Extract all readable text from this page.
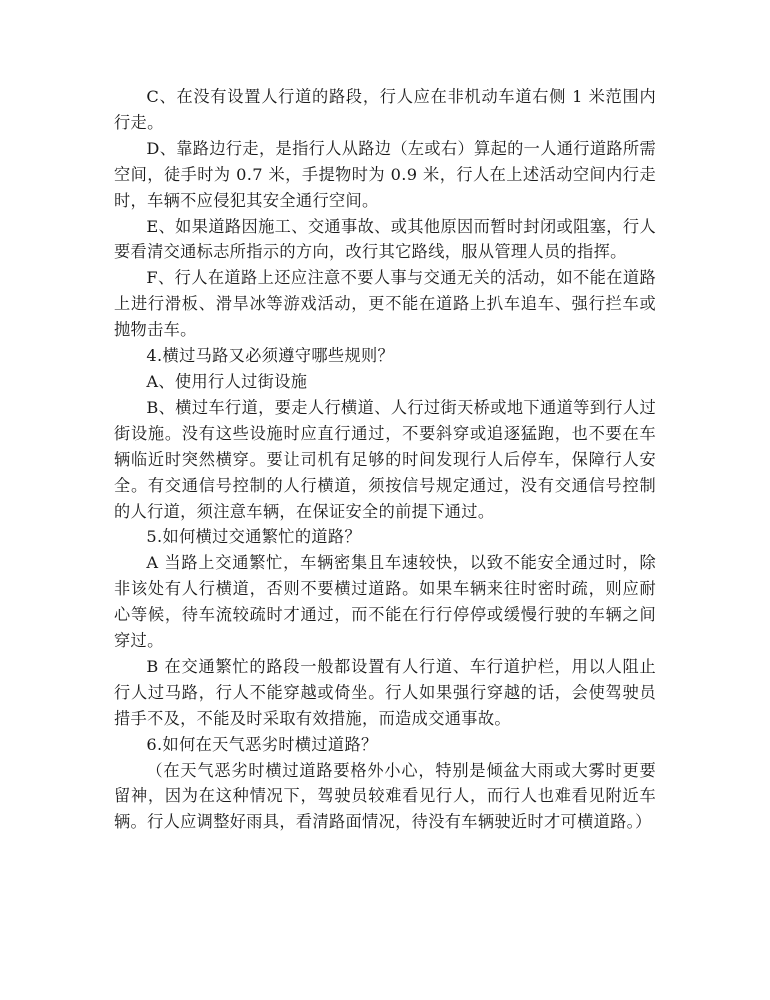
C、在没有设置人行道的路段，行人应在非机动车道右侧 1 米范围内行走。

D、靠路边行走，是指行人从路边（左或右）算起的一人通行道路所需空间，徒手时为 0.7 米，手提物时为 0.9 米，行人在上述活动空间内行走时，车辆不应侵犯其安全通行空间。

E、如果道路因施工、交通事故、或其他原因而暂时封闭或阻塞，行人要看清交通标志所指示的方向，改行其它路线，服从管理人员的指挥。

F、行人在道路上还应注意不要人事与交通无关的活动，如不能在道路上进行滑板、滑旱冰等游戏活动，更不能在道路上扒车追车、强行拦车或抛物击车。

4.横过马路又必须遵守哪些规则？

A、使用行人过街设施

B、横过车行道，要走人行横道、人行过街天桥或地下通道等到行人过街设施。没有这些设施时应直行通过，不要斜穿或追逐猛跑，也不要在车辆临近时突然横穿。要让司机有足够的时间发现行人后停车，保障行人安全。有交通信号控制的人行横道，须按信号规定通过，没有交通信号控制的人行道，须注意车辆，在保证安全的前提下通过。

5.如何横过交通繁忙的道路？

A 当路上交通繁忙，车辆密集且车速较快，以致不能安全通过时，除非该处有人行横道，否则不要横过道路。如果车辆来往时密时疏，则应耐心等候，待车流较疏时才通过，而不能在行行停停或缓慢行驶的车辆之间穿过。

B 在交通繁忙的路段一般都设置有人行道、车行道护栏，用以人阻止行人过马路，行人不能穿越或倚坐。行人如果强行穿越的话，会使驾驶员措手不及，不能及时采取有效措施，而造成交通事故。

6.如何在天气恶劣时横过道路？

（在天气恶劣时横过道路要格外小心，特别是倾盆大雨或大雾时更要留神，因为在这种情况下，驾驶员较难看见行人，而行人也难看见附近车辆。行人应调整好雨具，看清路面情况，待没有车辆驶近时才可横道路。）
